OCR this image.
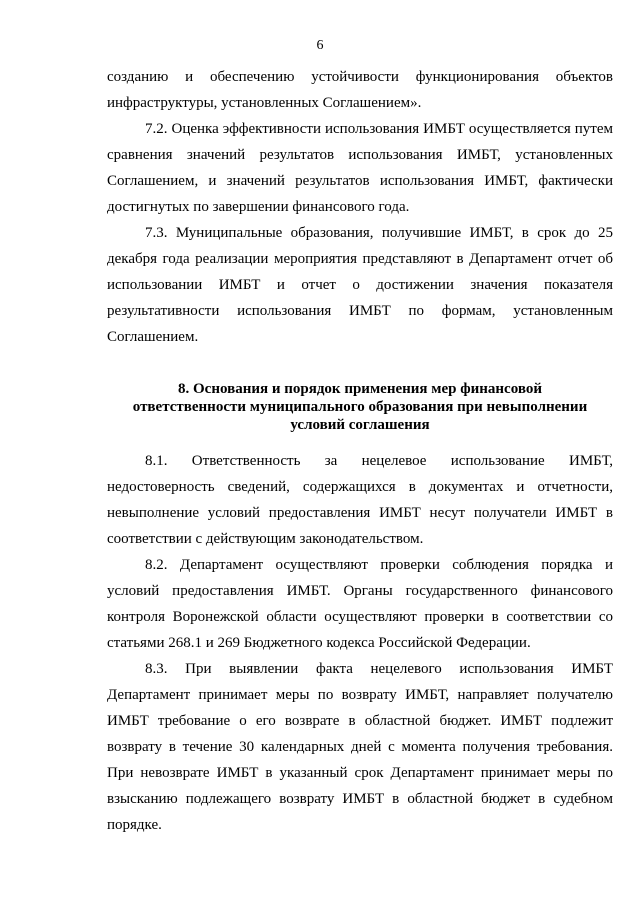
6

созданию и обеспечению устойчивости функционирования объектов инфраструктуры, установленных Соглашением».

7.2. Оценка эффективности использования ИМБТ осуществляется путем сравнения значений результатов использования ИМБТ, установленных Соглашением, и значений результатов использования ИМБТ, фактически достигнутых по завершении финансового года.

7.3. Муниципальные образования, получившие ИМБТ, в срок до 25 декабря года реализации мероприятия представляют в Департамент отчет об использовании ИМБТ и отчет о достижении значения показателя результативности использования ИМБТ по формам, установленным Соглашением.

8. Основания и порядок применения мер финансовой
ответственности муниципального образования при невыполнении
условий соглашения

8.1. Ответственность за нецелевое использование ИМБТ, недостоверность сведений, содержащихся в документах и отчетности, невыполнение условий предоставления ИМБТ несут получатели ИМБТ в соответствии с действующим законодательством.

8.2. Департамент осуществляют проверки соблюдения порядка и условий предоставления ИМБТ. Органы государственного финансового контроля Воронежской области осуществляют проверки в соответствии со статьями 268.1 и 269 Бюджетного кодекса Российской Федерации.

8.3. При выявлении факта нецелевого использования ИМБТ Департамент принимает меры по возврату ИМБТ, направляет получателю ИМБТ требование о его возврате в областной бюджет. ИМБТ подлежит возврату в течение 30 календарных дней с момента получения требования. При невозврате ИМБТ в указанный срок Департамент принимает меры по взысканию подлежащего возврату ИМБТ в областной бюджет в судебном порядке.
